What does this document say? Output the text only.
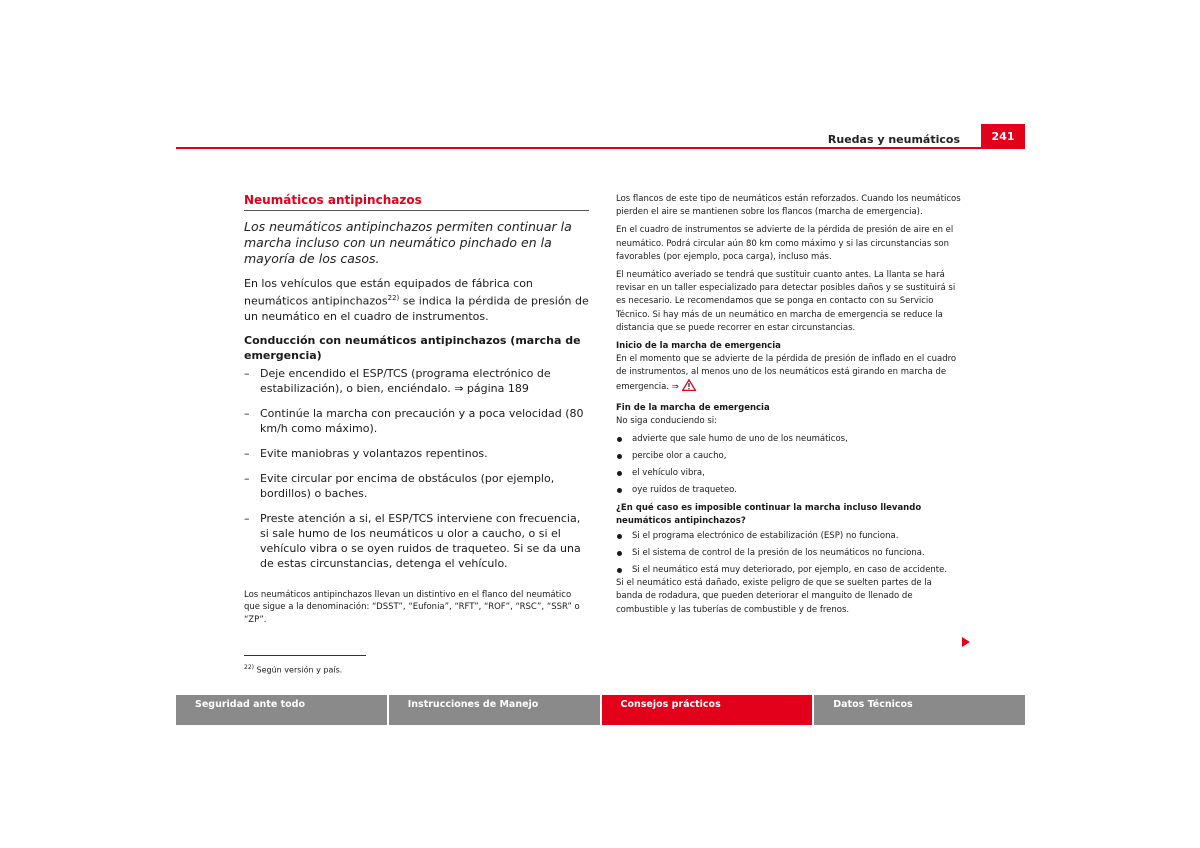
Ruedas y neumáticos	241
Neumáticos antipinchazos

Los neumáticos antipinchazos permiten continuar la marcha incluso con un neumático pinchado en la mayoría de los casos.

En los vehículos que están equipados de fábrica con neumáticos antipinchazos$^{22)}$ se indica la pérdida de presión de un neumático en el cuadro de instrumentos.

Conducción con neumáticos antipinchazos (marcha de emergencia)

– Deje encendido el ESP/TCS (programa electrónico de estabilización), o bien, enciéndalo. ⇒ página 189
– Continúe la marcha con precaución y a poca velocidad (80 km/h como máximo).
– Evite maniobras y volantazos repentinos.
– Evite circular por encima de obstáculos (por ejemplo, bordillos) o baches.
– Preste atención a si, el ESP/TCS interviene con frecuencia, si sale humo de los neumáticos u olor a caucho, o si el vehículo vibra o se oyen ruidos de traqueteo. Si se da una de estas circunstancias, detenga el vehículo.

Los neumáticos antipinchazos llevan un distintivo en el flanco del neumático que sigue a la denominación: “DSST”, “Eufonia”, “RFT”, “ROF”, “RSC”, “SSR” o “ZP”.

Los flancos de este tipo de neumáticos están reforzados. Cuando los neumáticos pierden el aire se mantienen sobre los flancos (marcha de emergencia).

En el cuadro de instrumentos se advierte de la pérdida de presión de aire en el neumático. Podrá circular aún 80 km como máximo y si las circunstancias son favorables (por ejemplo, poca carga), incluso más.

El neumático averiado se tendrá que sustituir cuanto antes. La llanta se hará revisar en un taller especializado para detectar posibles daños y se sustituirá si es necesario. Le recomendamos que se ponga en contacto con su Servicio Técnico. Si hay más de un neumático en marcha de emergencia se reduce la distancia que se puede recorrer en estar circunstancias.

Inicio de la marcha de emergencia

En el momento que se advierte de la pérdida de presión de inflado en el cuadro de instrumentos, al menos uno de los neumáticos está girando en marcha de emergencia. ⇒

Fin de la marcha de emergencia

No siga conduciendo si:

advierte que sale humo de uno de los neumáticos,
percibe olor a caucho,
el vehículo vibra,
oye ruidos de traqueteo.

¿En qué caso es imposible continuar la marcha incluso llevando neumáticos antipinchazos?

Si el programa electrónico de estabilización (ESP) no funciona.
Si el sistema de control de la presión de los neumáticos no funciona.
Si el neumático está muy deteriorado, por ejemplo, en caso de accidente.

Si el neumático está dañado, existe peligro de que se suelten partes de la banda de rodadura, que pueden deteriorar el manguito de llenado de combustible y las tuberías de combustible y de frenos.

$^{22)}$ Según versión y país.
Seguridad ante todo	Instrucciones de Manejo	Consejos prácticos	Datos Técnicos
